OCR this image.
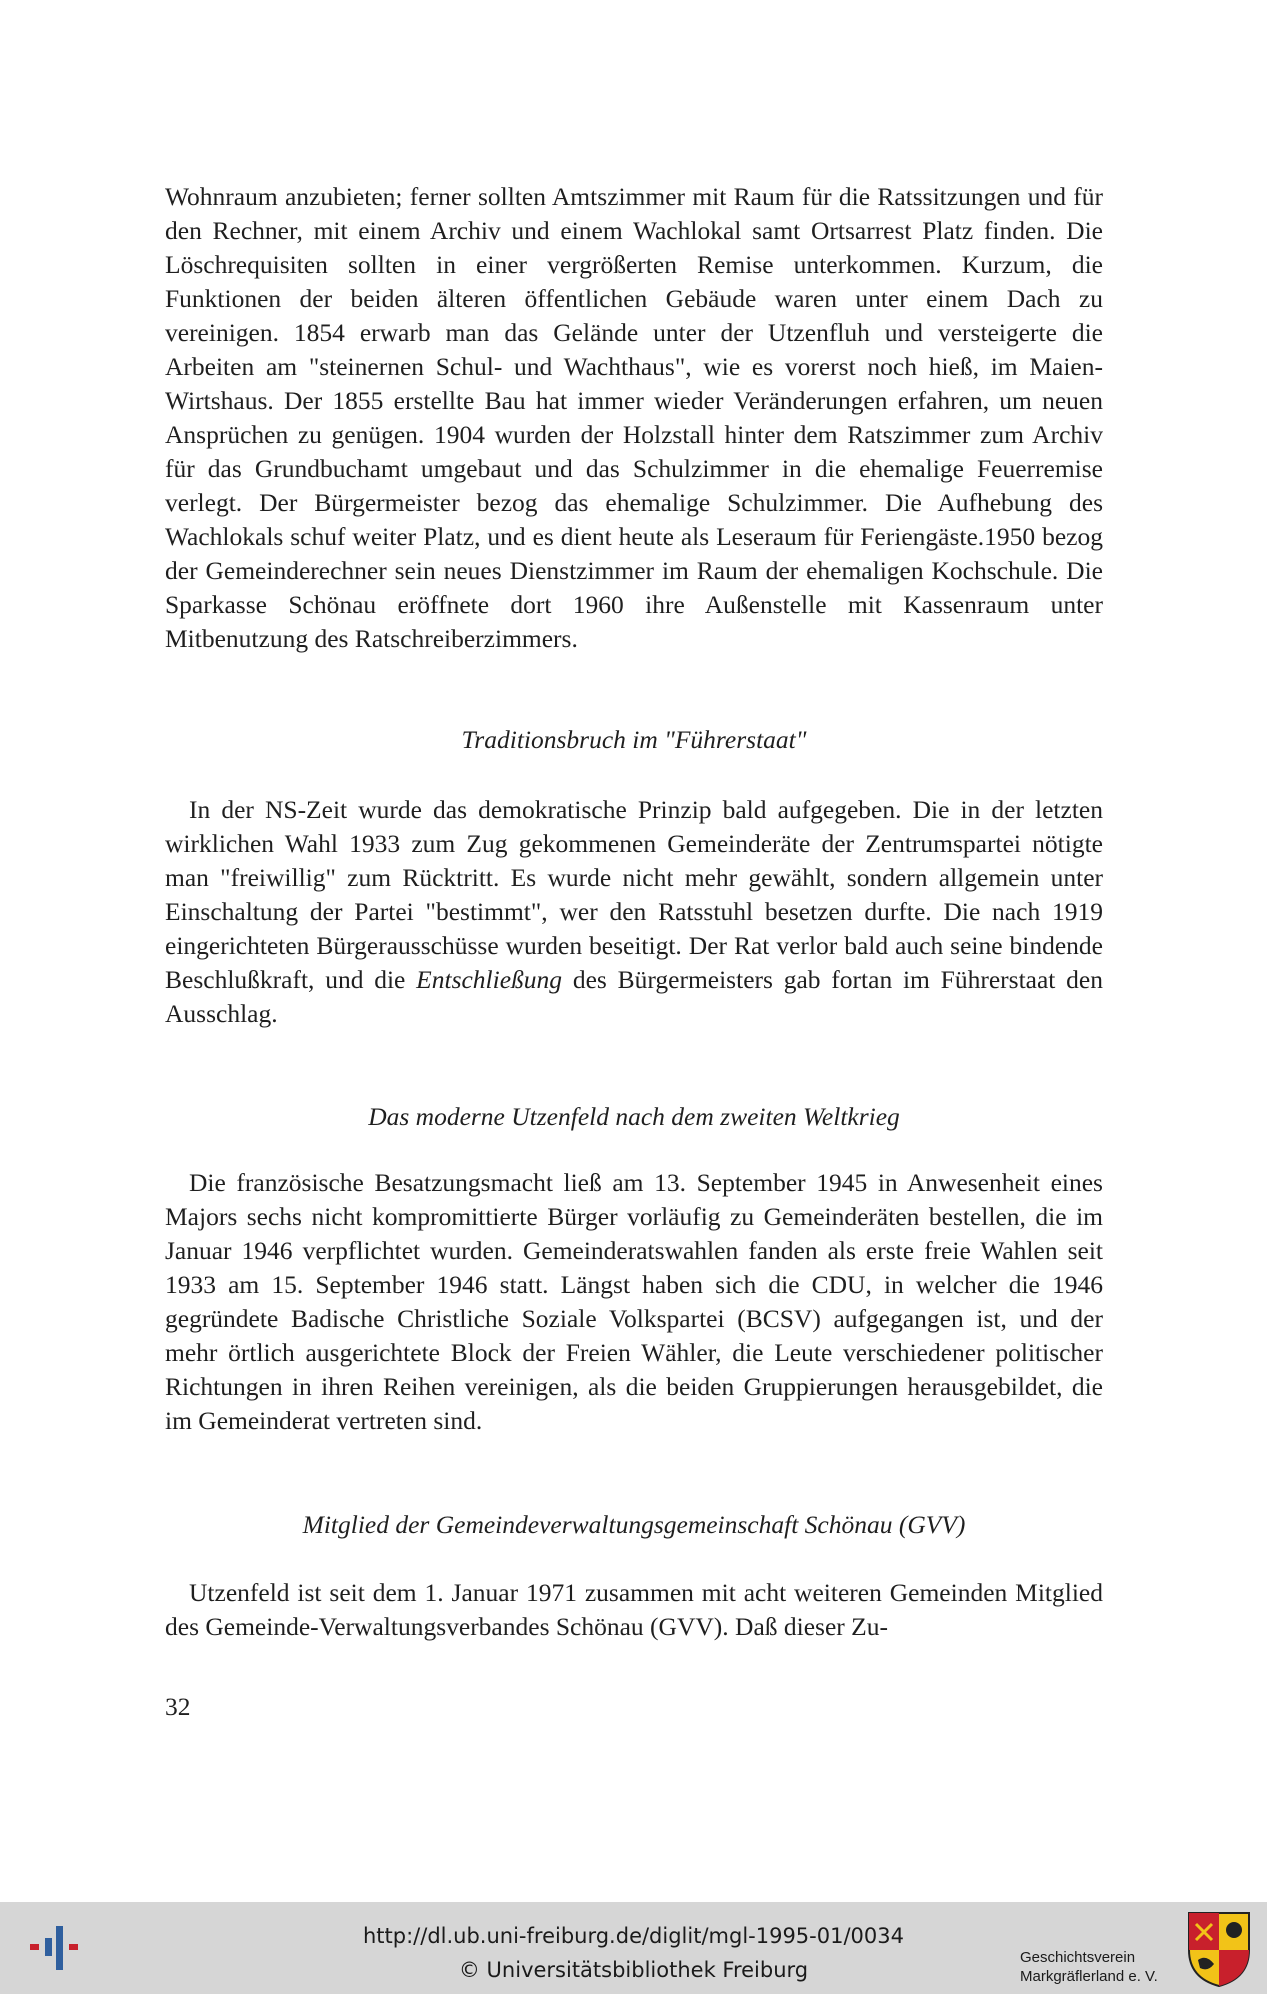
Wohnraum anzubieten; ferner sollten Amtszimmer mit Raum für die Ratssitzungen und für den Rechner, mit einem Archiv und einem Wachlokal samt Ortsarrest Platz finden. Die Löschrequisiten sollten in einer vergrößerten Remise unterkommen. Kurzum, die Funktionen der beiden älteren öffentlichen Gebäude waren unter einem Dach zu vereinigen. 1854 erwarb man das Gelände unter der Utzenfluh und versteigerte die Arbeiten am "steinernen Schul- und Wachthaus", wie es vorerst noch hieß, im Maien-Wirtshaus. Der 1855 erstellte Bau hat immer wieder Veränderungen erfahren, um neuen Ansprüchen zu genügen. 1904 wurden der Holzstall hinter dem Ratszimmer zum Archiv für das Grundbuchamt umgebaut und das Schulzimmer in die ehemalige Feuerremise verlegt. Der Bürgermeister bezog das ehemalige Schulzimmer. Die Aufhebung des Wachlokals schuf weiter Platz, und es dient heute als Leseraum für Feriengäste.1950 bezog der Gemeinderechner sein neues Dienstzimmer im Raum der ehemaligen Kochschule. Die Sparkasse Schönau eröffnete dort 1960 ihre Außenstelle mit Kassenraum unter Mitbenutzung des Ratschreiberzimmers.

Traditionsbruch im "Führerstaat"

In der NS-Zeit wurde das demokratische Prinzip bald aufgegeben. Die in der letzten wirklichen Wahl 1933 zum Zug gekommenen Gemeinderäte der Zentrumspartei nötigte man "freiwillig" zum Rücktritt. Es wurde nicht mehr gewählt, sondern allgemein unter Einschaltung der Partei "bestimmt", wer den Ratsstuhl besetzen durfte. Die nach 1919 eingerichteten Bürgerausschüsse wurden beseitigt. Der Rat verlor bald auch seine bindende Beschlußkraft, und die Entschließung des Bürgermeisters gab fortan im Führerstaat den Ausschlag.

Das moderne Utzenfeld nach dem zweiten Weltkrieg

Die französische Besatzungsmacht ließ am 13. September 1945 in Anwesenheit eines Majors sechs nicht kompromittierte Bürger vorläufig zu Gemeinderäten bestellen, die im Januar 1946 verpflichtet wurden. Gemeinderatswahlen fanden als erste freie Wahlen seit 1933 am 15. September 1946 statt. Längst haben sich die CDU, in welcher die 1946 gegründete Badische Christliche Soziale Volkspartei (BCSV) aufgegangen ist, und der mehr örtlich ausgerichtete Block der Freien Wähler, die Leute verschiedener politischer Richtungen in ihren Reihen vereinigen, als die beiden Gruppierungen herausgebildet, die im Gemeinderat vertreten sind.

Mitglied der Gemeindeverwaltungsgemeinschaft Schönau (GVV)

Utzenfeld ist seit dem 1. Januar 1971 zusammen mit acht weiteren Gemeinden Mitglied des Gemeinde-Verwaltungsverbandes Schönau (GVV). Daß dieser Zu-

32

http://dl.ub.uni-freiburg.de/diglit/mgl-1995-01/0034
© Universitätsbibliothek Freiburg
Geschichtsverein
Markgräflerland e. V.
